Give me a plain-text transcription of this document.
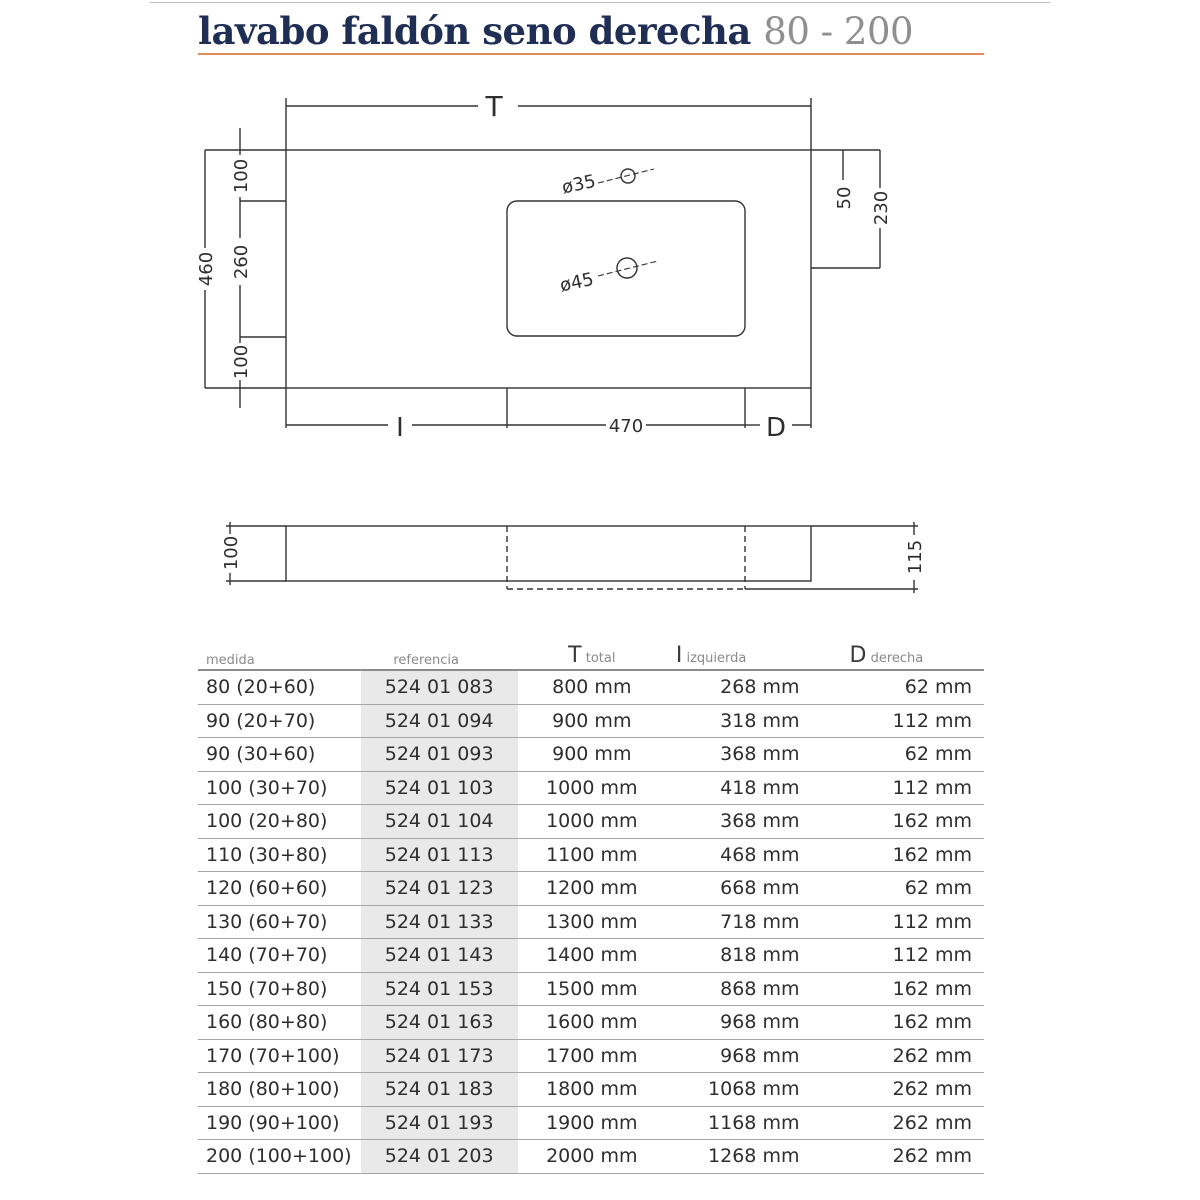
lavabo faldón seno derecha 80 - 200
T
I	D
470
460
100
260
100
50 230
ø35
ø45
100	115
medida	referencia	T total	I izquierda	D derecha
80 (20+60)	524 01 083	800 mm	268 mm	62 mm
90 (20+70)	524 01 094	900 mm	318 mm	112 mm
90 (30+60)	524 01 093	900 mm	368 mm	62 mm
100 (30+70)	524 01 103	1000 mm	418 mm	112 mm
100 (20+80)	524 01 104	1000 mm	368 mm	162 mm
110 (30+80)	524 01 113	1100 mm	468 mm	162 mm
120 (60+60)	524 01 123	1200 mm	668 mm	62 mm
130 (60+70)	524 01 133	1300 mm	718 mm	112 mm
140 (70+70)	524 01 143	1400 mm	818 mm	112 mm
150 (70+80)	524 01 153	1500 mm	868 mm	162 mm
160 (80+80)	524 01 163	1600 mm	968 mm	162 mm
170 (70+100)	524 01 173	1700 mm	968 mm	262 mm
180 (80+100)	524 01 183	1800 mm	1068 mm	262 mm
190 (90+100)	524 01 193	1900 mm	1168 mm	262 mm
200 (100+100)	524 01 203	2000 mm	1268 mm	262 mm
